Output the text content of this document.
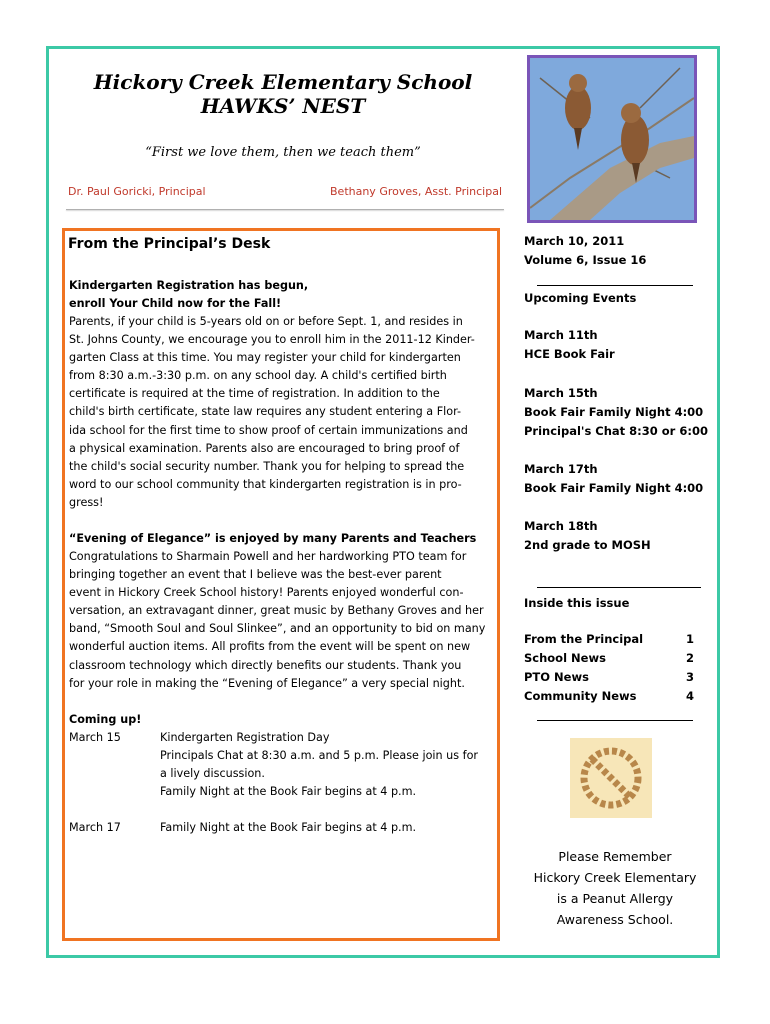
Hickory Creek Elementary School
HAWKS’ NEST
“First we love them, then we teach them”
Dr. Paul Goricki, Principal	Bethany Groves, Asst. Principal
From the Principal’s Desk
Kindergarten Registration has begun,
enroll Your Child now for the Fall!
Parents, if your child is 5-years old on or before Sept. 1, and resides in
St. Johns County, we encourage you to enroll him in the 2011-12 Kinder-
garten Class at this time. You may register your child for kindergarten
from 8:30 a.m.-3:30 p.m. on any school day. A child's certified birth
certificate is required at the time of registration. In addition to the
child's birth certificate, state law requires any student entering a Flor-
ida school for the first time to show proof of certain immunizations and
a physical examination. Parents also are encouraged to bring proof of
the child's social security number. Thank you for helping to spread the
word to our school community that kindergarten registration is in pro-
gress!
“Evening of Elegance” is enjoyed by many Parents and Teachers
Congratulations to Sharmain Powell and her hardworking PTO team for
bringing together an event that I believe was the best-ever parent
event in Hickory Creek School history! Parents enjoyed wonderful con-
versation, an extravagant dinner, great music by Bethany Groves and her
band, “Smooth Soul and Soul Slinkee”, and an opportunity to bid on many
wonderful auction items. All profits from the event will be spent on new
classroom technology which directly benefits our students. Thank you
for your role in making the “Evening of Elegance” a very special night.
Coming up!
March 15	Kindergarten Registration Day
Principals Chat at 8:30 a.m. and 5 p.m. Please join us for
a lively discussion.
Family Night at the Book Fair begins at 4 p.m.
March 17	Family Night at the Book Fair begins at 4 p.m.
March 10, 2011
Volume 6, Issue 16
Upcoming Events
March 11th
HCE Book Fair
March 15th
Book Fair Family Night 4:00
Principal's Chat 8:30 or 6:00
March 17th
Book Fair Family Night 4:00
March 18th
2nd grade to MOSH
Inside this issue
From the Principal	1
School News	2
PTO News	3
Community News	4
Please Remember
Hickory Creek Elementary
is a Peanut Allergy
Awareness School.
